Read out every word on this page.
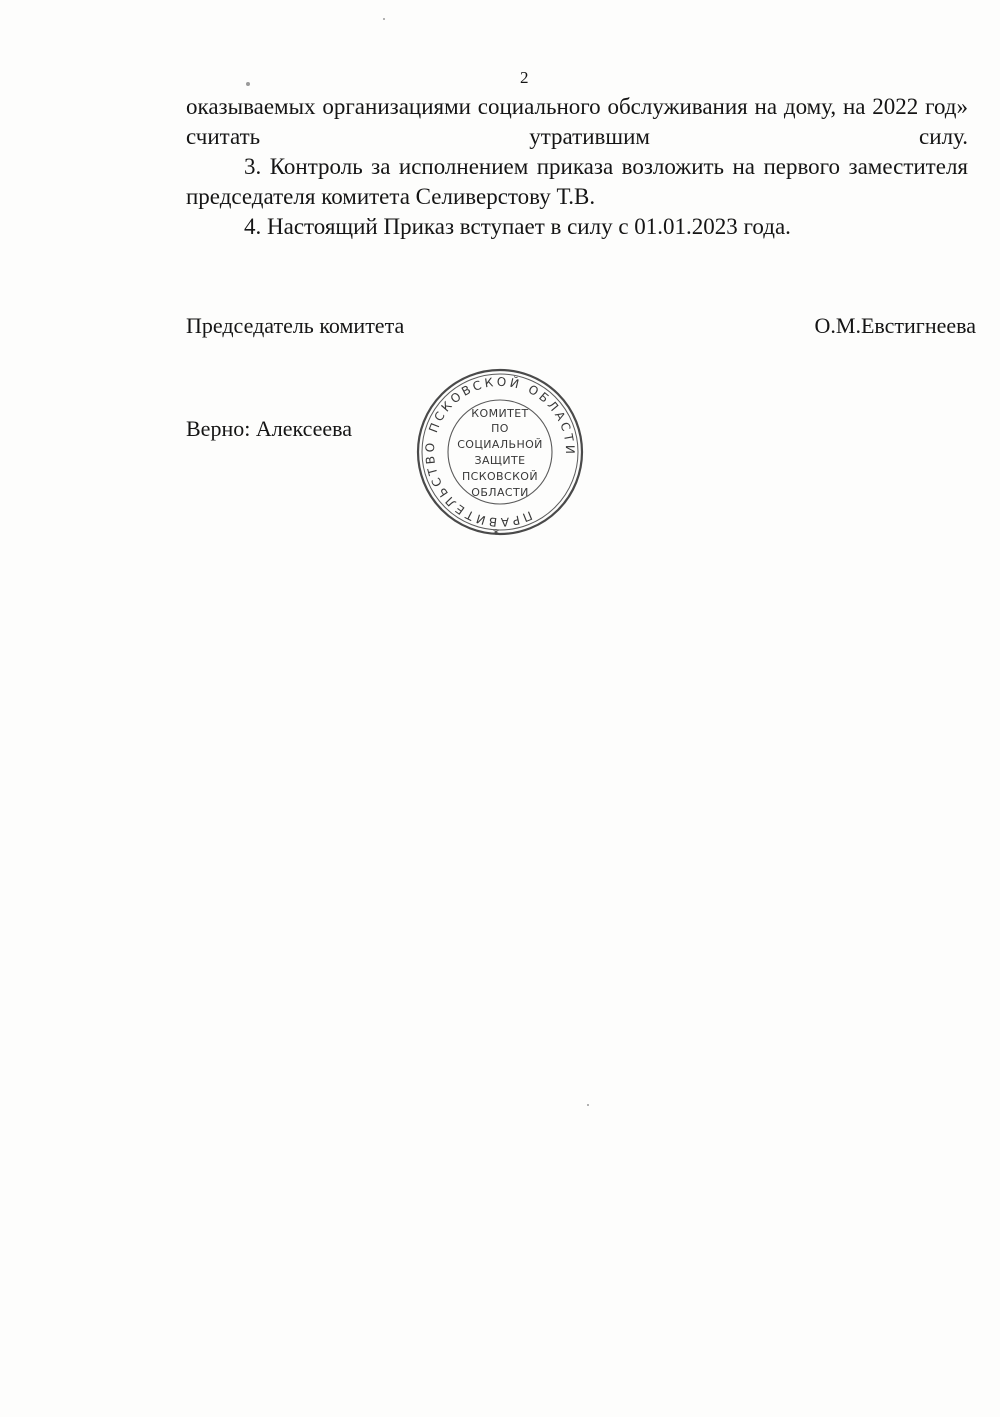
2

оказываемых организациями социального обслуживания на дому, на 2022 год» считать утратившим силу.

3. Контроль за исполнением приказа возложить на первого заместителя председателя комитета Селиверстову Т.В.

4. Настоящий Приказ вступает в силу с 01.01.2023 года.

Председатель комитета	О.М.Евстигнеева
ПРАВИТЕЛЬСТВО ПСКОВСКОЙ ОБЛАСТИ
*
КОМИТЕТ
ПО
СОЦИАЛЬНОЙ
ЗАЩИТЕ
ПСКОВСКОЙ
ОБЛАСТИ
Верно: Алексеева
